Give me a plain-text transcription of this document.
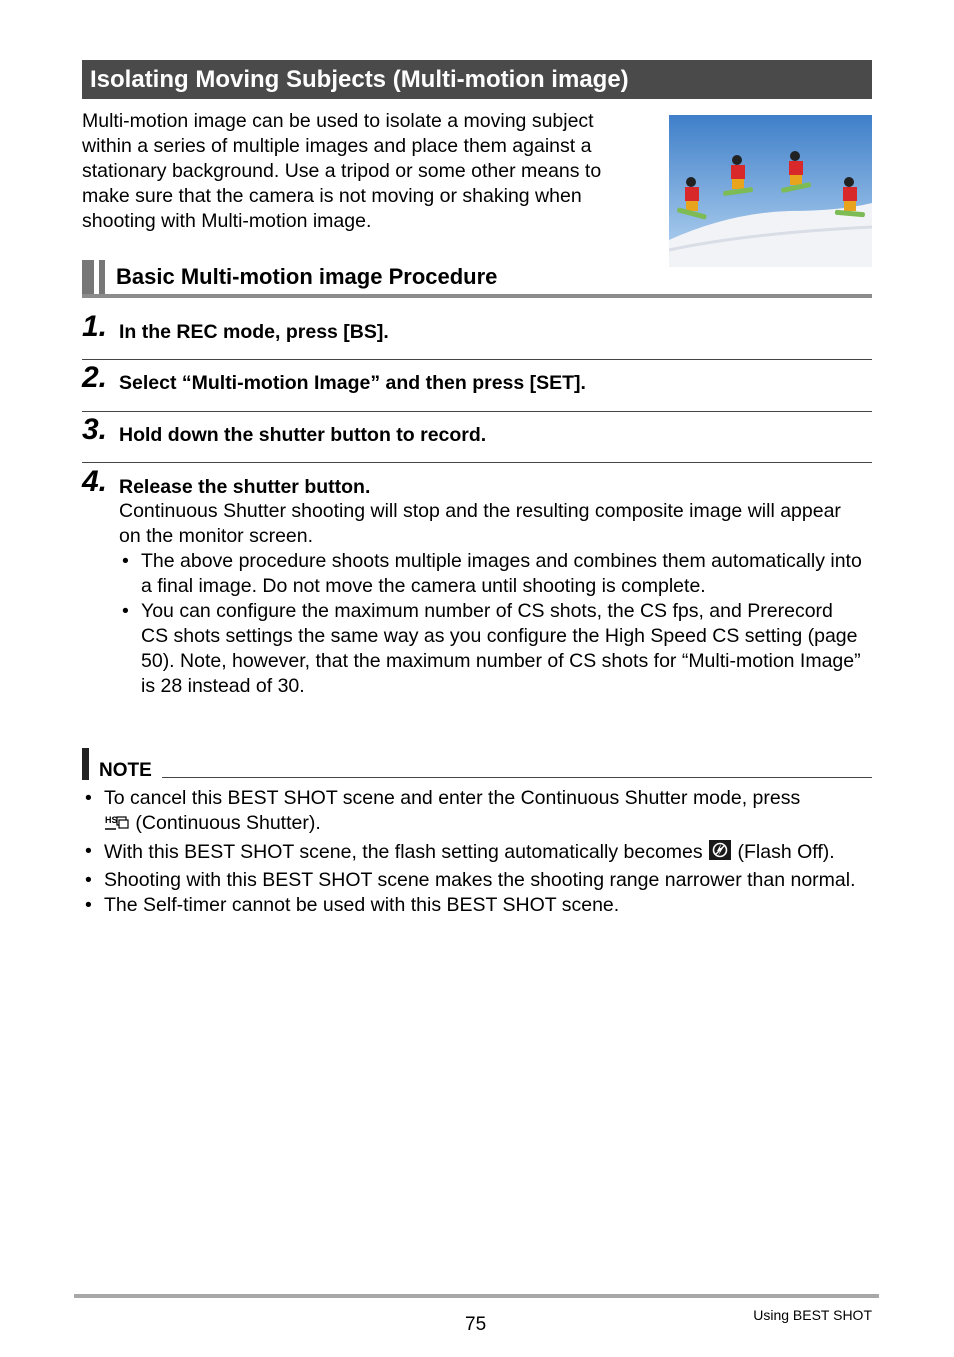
Isolating Moving Subjects (Multi-motion image)

Multi-motion image can be used to isolate a moving subject within a series of multiple images and place them against a stationary background. Use a tripod or some other means to make sure that the camera is not moving or shaking when shooting with Multi-motion image.

Basic Multi-motion image Procedure
1. In the REC mode, press [BS].
2. Select “Multi-motion Image” and then press [SET].
3. Hold down the shutter button to record.
4. Release the shutter button.

Continuous Shutter shooting will stop and the resulting composite image will appear on the monitor screen.

• The above procedure shoots multiple images and combines them automatically into a final image. Do not move the camera until shooting is complete.
• You can configure the maximum number of CS shots, the CS fps, and Prerecord CS shots settings the same way as you configure the High Speed CS setting (page 50). Note, however, that the maximum number of CS shots for “Multi-motion Image” is 28 instead of 30.
NOTE
• To cancel this BEST SHOT scene and enter the Continuous Shutter mode, press

HS (Continuous Shutter).
• With this BEST SHOT scene, the flash setting automatically becomes (Flash Off).
• Shooting with this BEST SHOT scene makes the shooting range narrower than normal.
• The Self-timer cannot be used with this BEST SHOT scene.
75	Using BEST SHOT
